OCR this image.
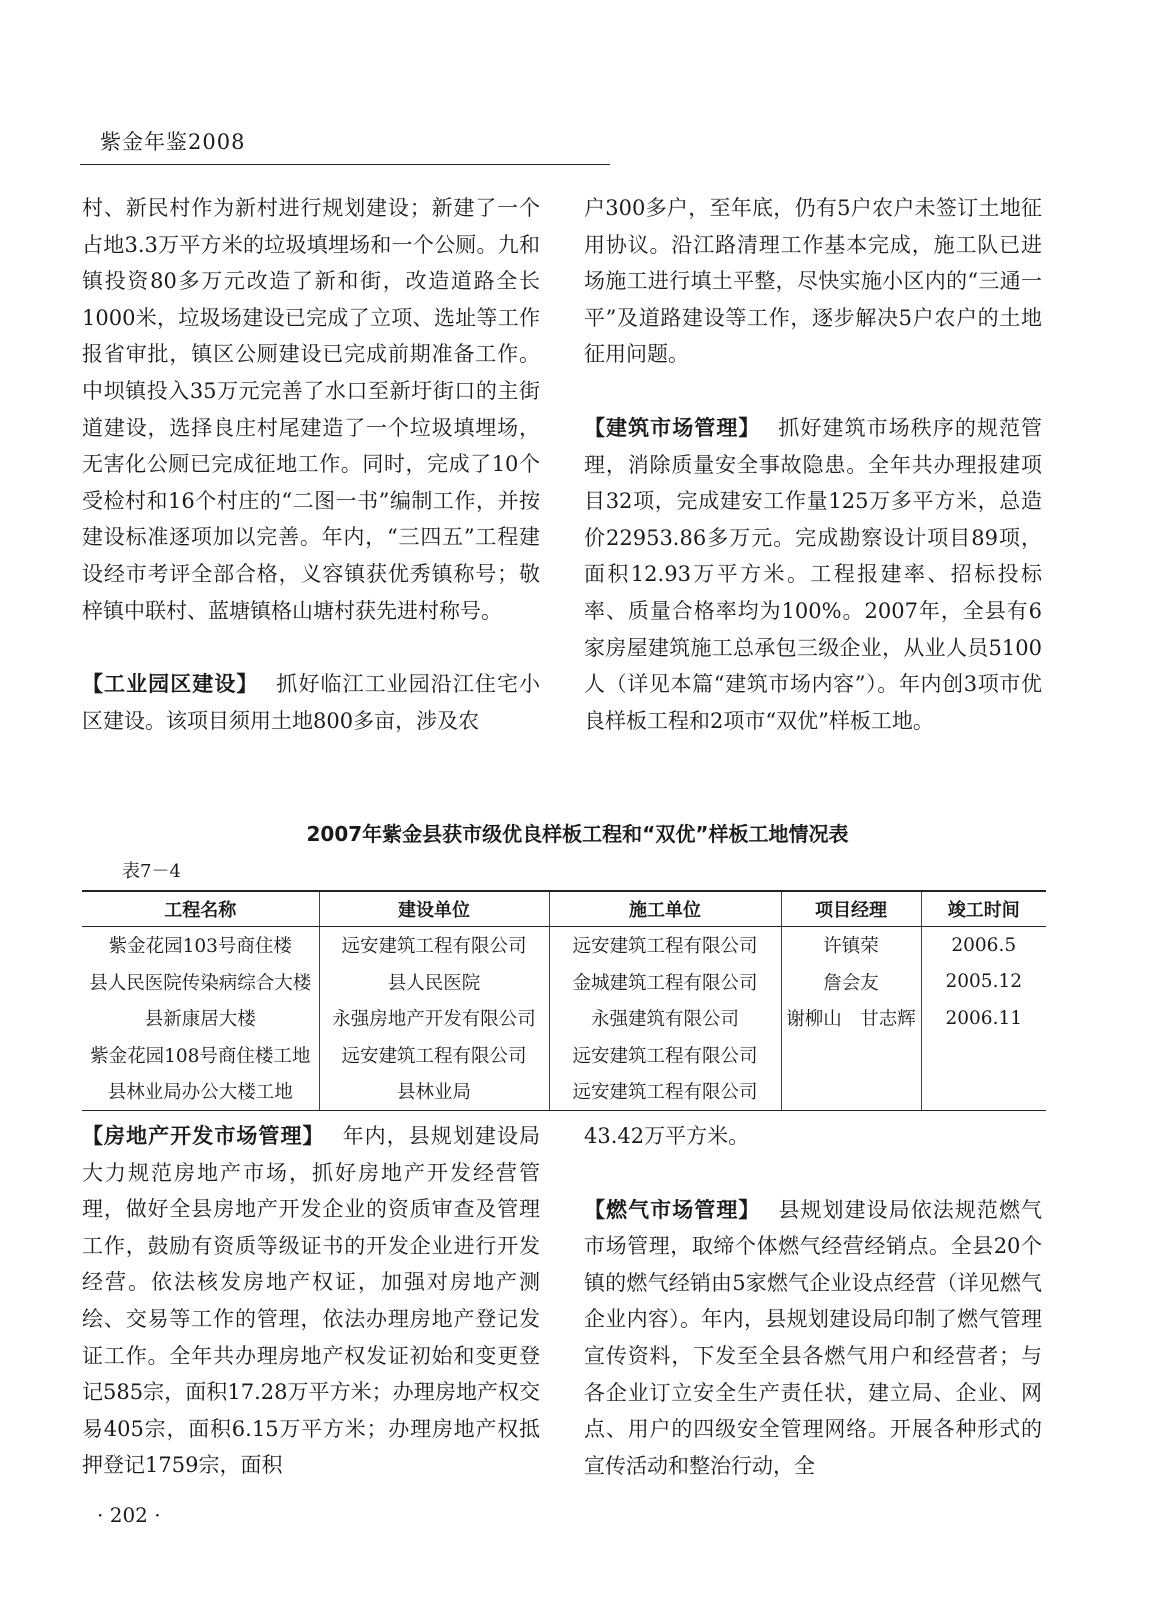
紫金年鉴2008

村、新民村作为新村进行规划建设；新建了一个占地3.3万平方米的垃圾填埋场和一个公厕。九和镇投资80多万元改造了新和街，改造道路全长1000米，垃圾场建设已完成了立项、选址等工作报省审批，镇区公厕建设已完成前期准备工作。中坝镇投入35万元完善了水口至新圩街口的主街道建设，选择良庄村尾建造了一个垃圾填埋场，无害化公厕已完成征地工作。同时，完成了10个受检村和16个村庄的“二图一书”编制工作，并按建设标准逐项加以完善。年内，“三四五”工程建设经市考评全部合格，义容镇获优秀镇称号；敬梓镇中联村、蓝塘镇格山塘村获先进村称号。

【工业园区建设】 抓好临江工业园沿江住宅小区建设。该项目须用土地800多亩，涉及农

户300多户，至年底，仍有5户农户未签订土地征用协议。沿江路清理工作基本完成，施工队已进场施工进行填土平整，尽快实施小区内的“三通一平”及道路建设等工作，逐步解决5户农户的土地征用问题。

【建筑市场管理】 抓好建筑市场秩序的规范管理，消除质量安全事故隐患。全年共办理报建项目32项，完成建安工作量125万多平方米，总造价22953.86多万元。完成勘察设计项目89项，面积12.93万平方米。工程报建率、招标投标率、质量合格率均为100%。2007年，全县有6家房屋建筑施工总承包三级企业，从业人员5100人（详见本篇“建筑市场内容”）。年内创3项市优良样板工程和2项市“双优”样板工地。

2007年紫金县获市级优良样板工程和“双优”样板工地情况表
表7－4
工程名称	建设单位	施工单位	项目经理	竣工时间
紫金花园103号商住楼	远安建筑工程有限公司	远安建筑工程有限公司	许镇荣	2006.5
县人民医院传染病综合大楼	县人民医院	金城建筑工程有限公司	詹会友	2005.12
县新康居大楼	永强房地产开发有限公司	永强建筑有限公司	谢柳山　甘志辉	2006.11
紫金花园108号商住楼工地	远安建筑工程有限公司	远安建筑工程有限公司		
县林业局办公大楼工地	县林业局	远安建筑工程有限公司		

【房地产开发市场管理】 年内，县规划建设局大力规范房地产市场，抓好房地产开发经营管理，做好全县房地产开发企业的资质审查及管理工作，鼓励有资质等级证书的开发企业进行开发经营。依法核发房地产权证，加强对房地产测绘、交易等工作的管理，依法办理房地产登记发证工作。全年共办理房地产权发证初始和变更登记585宗，面积17.28万平方米；办理房地产权交易405宗，面积6.15万平方米；办理房地产权抵押登记1759宗，面积

43.42万平方米。

【燃气市场管理】 县规划建设局依法规范燃气市场管理，取缔个体燃气经营经销点。全县20个镇的燃气经销由5家燃气企业设点经营（详见燃气企业内容）。年内，县规划建设局印制了燃气管理宣传资料，下发至全县各燃气用户和经营者；与各企业订立安全生产责任状，建立局、企业、网点、用户的四级安全管理网络。开展各种形式的宣传活动和整治行动，全

· 202 ·
